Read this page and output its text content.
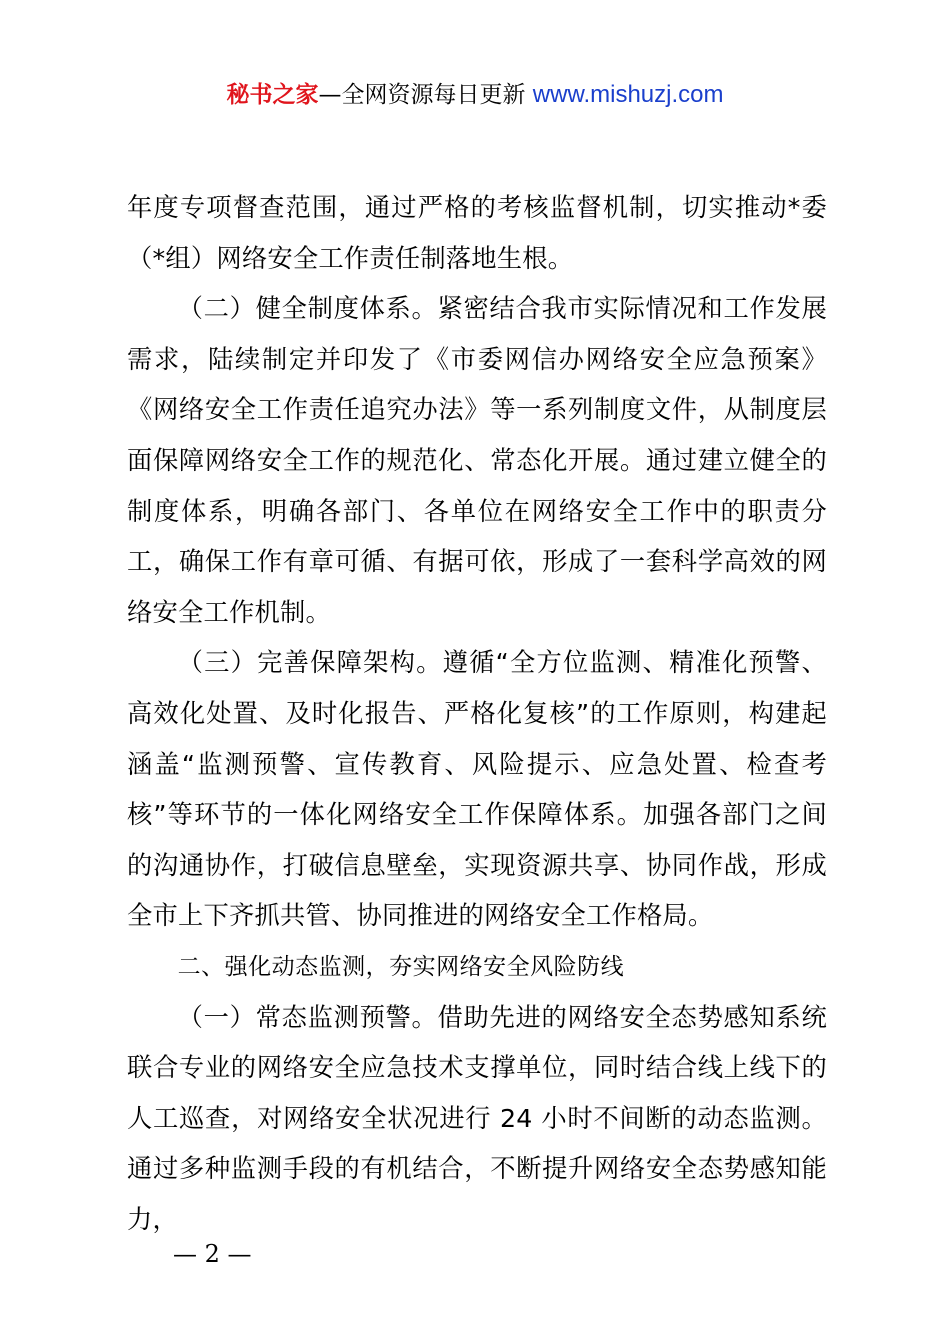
秘书之家—全网资源每日更新 www.mishuzj.com

年度专项督查范围，通过严格的考核监督机制，切实推动*委（*组）网络安全工作责任制落地生根。

（二）健全制度体系。紧密结合我市实际情况和工作发展需求，陆续制定并印发了《市委网信办网络安全应急预案》《网络安全工作责任追究办法》等一系列制度文件，从制度层面保障网络安全工作的规范化、常态化开展。通过建立健全的制度体系，明确各部门、各单位在网络安全工作中的职责分工，确保工作有章可循、有据可依，形成了一套科学高效的网络安全工作机制。

（三）完善保障架构。遵循“全方位监测、精准化预警、高效化处置、及时化报告、严格化复核”的工作原则，构建起涵盖“监测预警、宣传教育、风险提示、应急处置、检查考核”等环节的一体化网络安全工作保障体系。加强各部门之间的沟通协作，打破信息壁垒，实现资源共享、协同作战，形成全市上下齐抓共管、协同推进的网络安全工作格局。

二、强化动态监测，夯实网络安全风险防线

（一）常态监测预警。借助先进的网络安全态势感知系统联合专业的网络安全应急技术支撑单位，同时结合线上线下的人工巡查，对网络安全状况进行 24 小时不间断的动态监测。通过多种监测手段的有机结合，不断提升网络安全态势感知能力，

— 2 —
